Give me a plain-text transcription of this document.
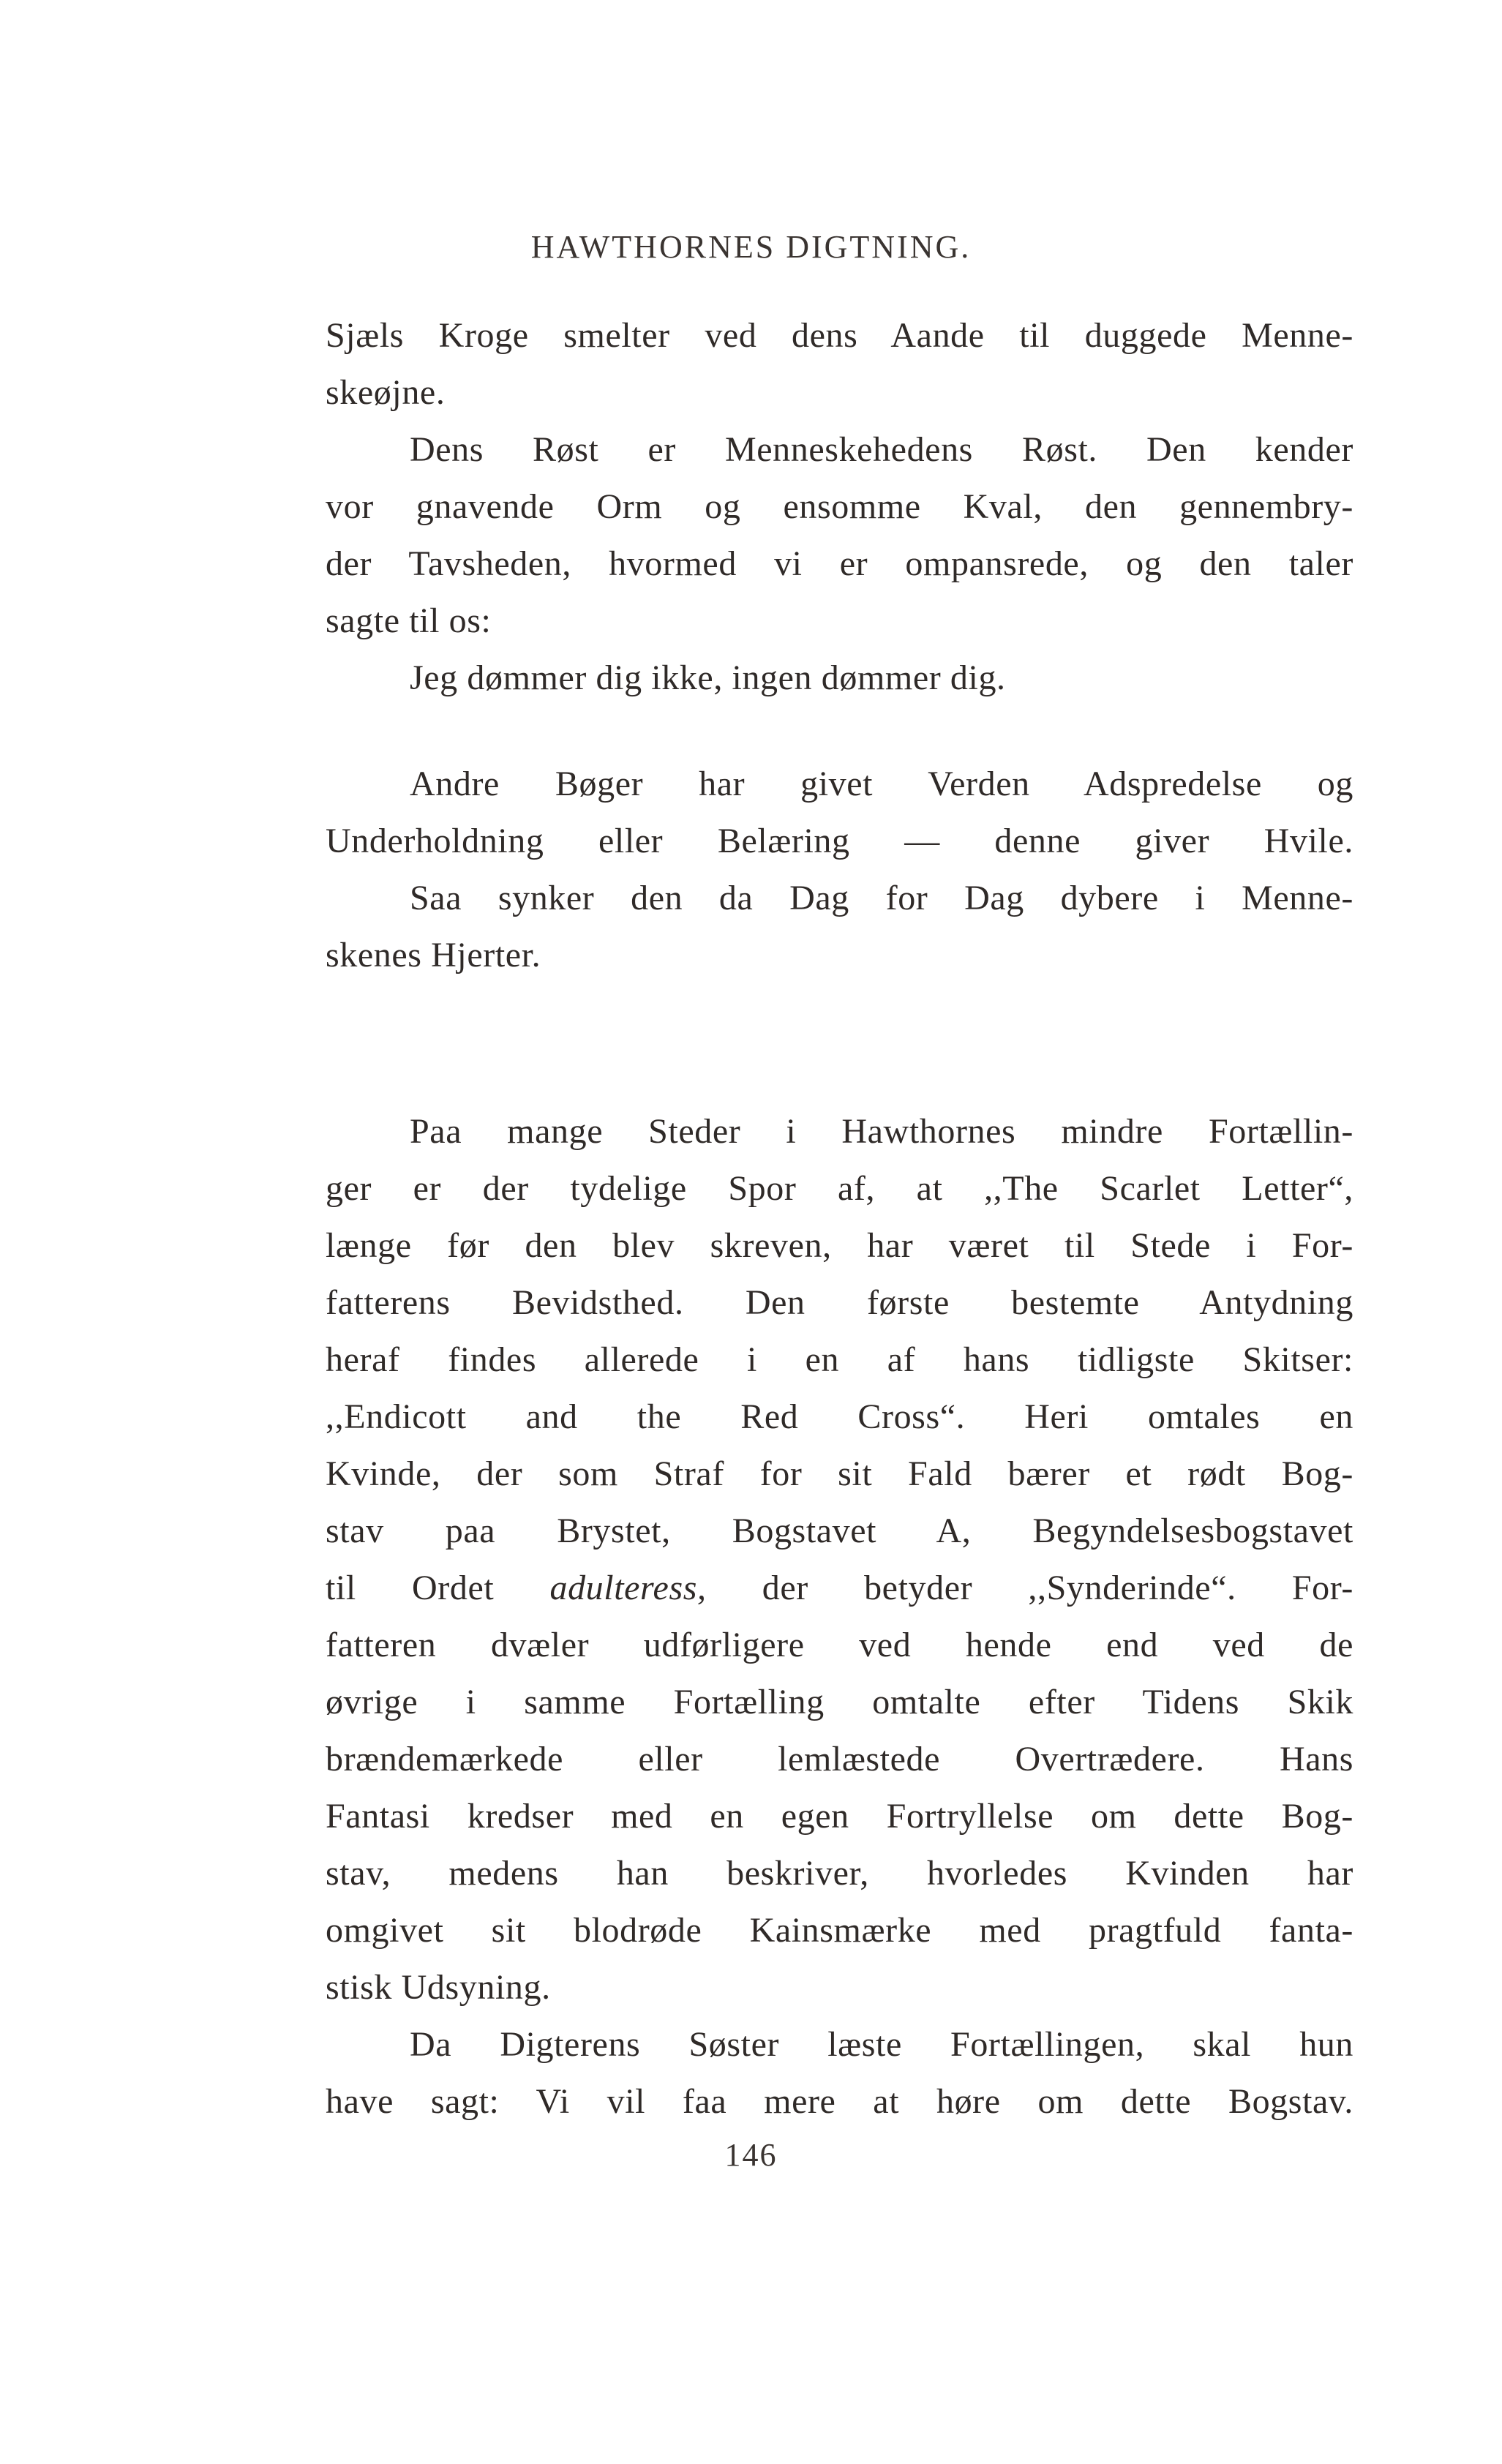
HAWTHORNES DIGTNING.
Sjæls Kroge smelter ved dens Aande til duggede Menne-
skeøjne.
Dens Røst er Menneskehedens Røst. Den kender
vor gnavende Orm og ensomme Kval, den gennembry-
der Tavsheden, hvormed vi er ompansrede, og den taler
sagte til os:
Jeg dømmer dig ikke, ingen dømmer dig.
Andre Bøger har givet Verden Adspredelse og
Underholdning eller Belæring — denne giver Hvile.
Saa synker den da Dag for Dag dybere i Menne-
skenes Hjerter.
Paa mange Steder i Hawthornes mindre Fortællin-
ger er der tydelige Spor af, at ,,The Scarlet Letter“,
længe før den blev skreven, har været til Stede i For-
fatterens Bevidsthed. Den første bestemte Antydning
heraf findes allerede i en af hans tidligste Skitser:
,,Endicott and the Red Cross“. Heri omtales en
Kvinde, der som Straf for sit Fald bærer et rødt Bog-
stav paa Brystet, Bogstavet A, Begyndelsesbogstavet
til Ordet adulteress, der betyder ,,Synderinde“. For-
fatteren dvæler udførligere ved hende end ved de
øvrige i samme Fortælling omtalte efter Tidens Skik
brændemærkede eller lemlæstede Overtrædere. Hans
Fantasi kredser med en egen Fortryllelse om dette Bog-
stav, medens han beskriver, hvorledes Kvinden har
omgivet sit blodrøde Kainsmærke med pragtfuld fanta-
stisk Udsyning.
Da Digterens Søster læste Fortællingen, skal hun
have sagt: Vi vil faa mere at høre om dette Bogstav.
146
